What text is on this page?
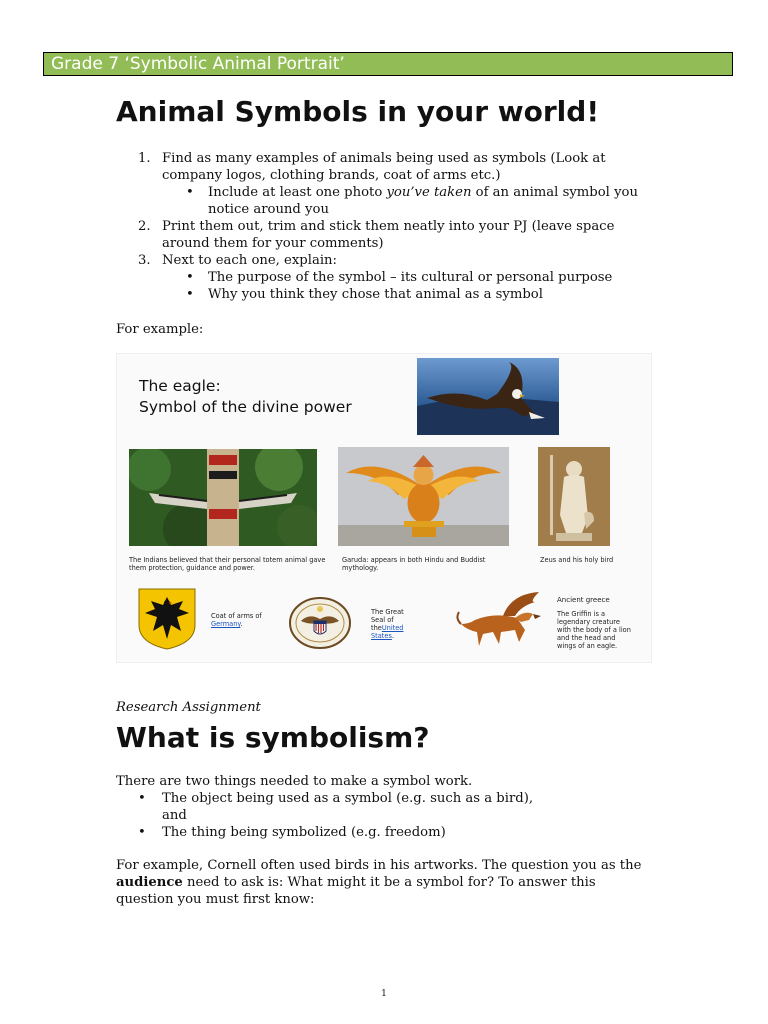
Grade 7 ‘Symbolic Animal Portrait’
Animal Symbols in your world!
1. Find as many examples of animals being used as symbols (Look at company logos, clothing brands, coat of arms etc.)
• Include at least one photo you’ve taken of an animal symbol you notice around you
2. Print them out, trim and stick them neatly into your PJ (leave space around them for your comments)
3. Next to each one, explain:
• The purpose of the symbol – its cultural or personal purpose
• Why you think they chose that animal as a symbol
For example:
The eagle:
Symbol of the divine power
The Indians believed that their personal totem animal gave them protection, guidance and power.
Garuda: appears in both Hindu and Buddist mythology.
Zeus and his holy bird
Coat of arms of
Germany.
The Great
Seal of
theUnited States.
Ancient greece
The Griffin is a legendary creature with the body of a lion and the head and wings of an eagle.
Research Assignment
What is symbolism?
There are two things needed to make a symbol work.
• The object being used as a symbol (e.g. such as a bird),
and
• The thing being symbolized (e.g. freedom)
For example, Cornell often used birds in his artworks. The question you as the audience need to ask is: What might it be a symbol for? To answer this question you must first know:
1
